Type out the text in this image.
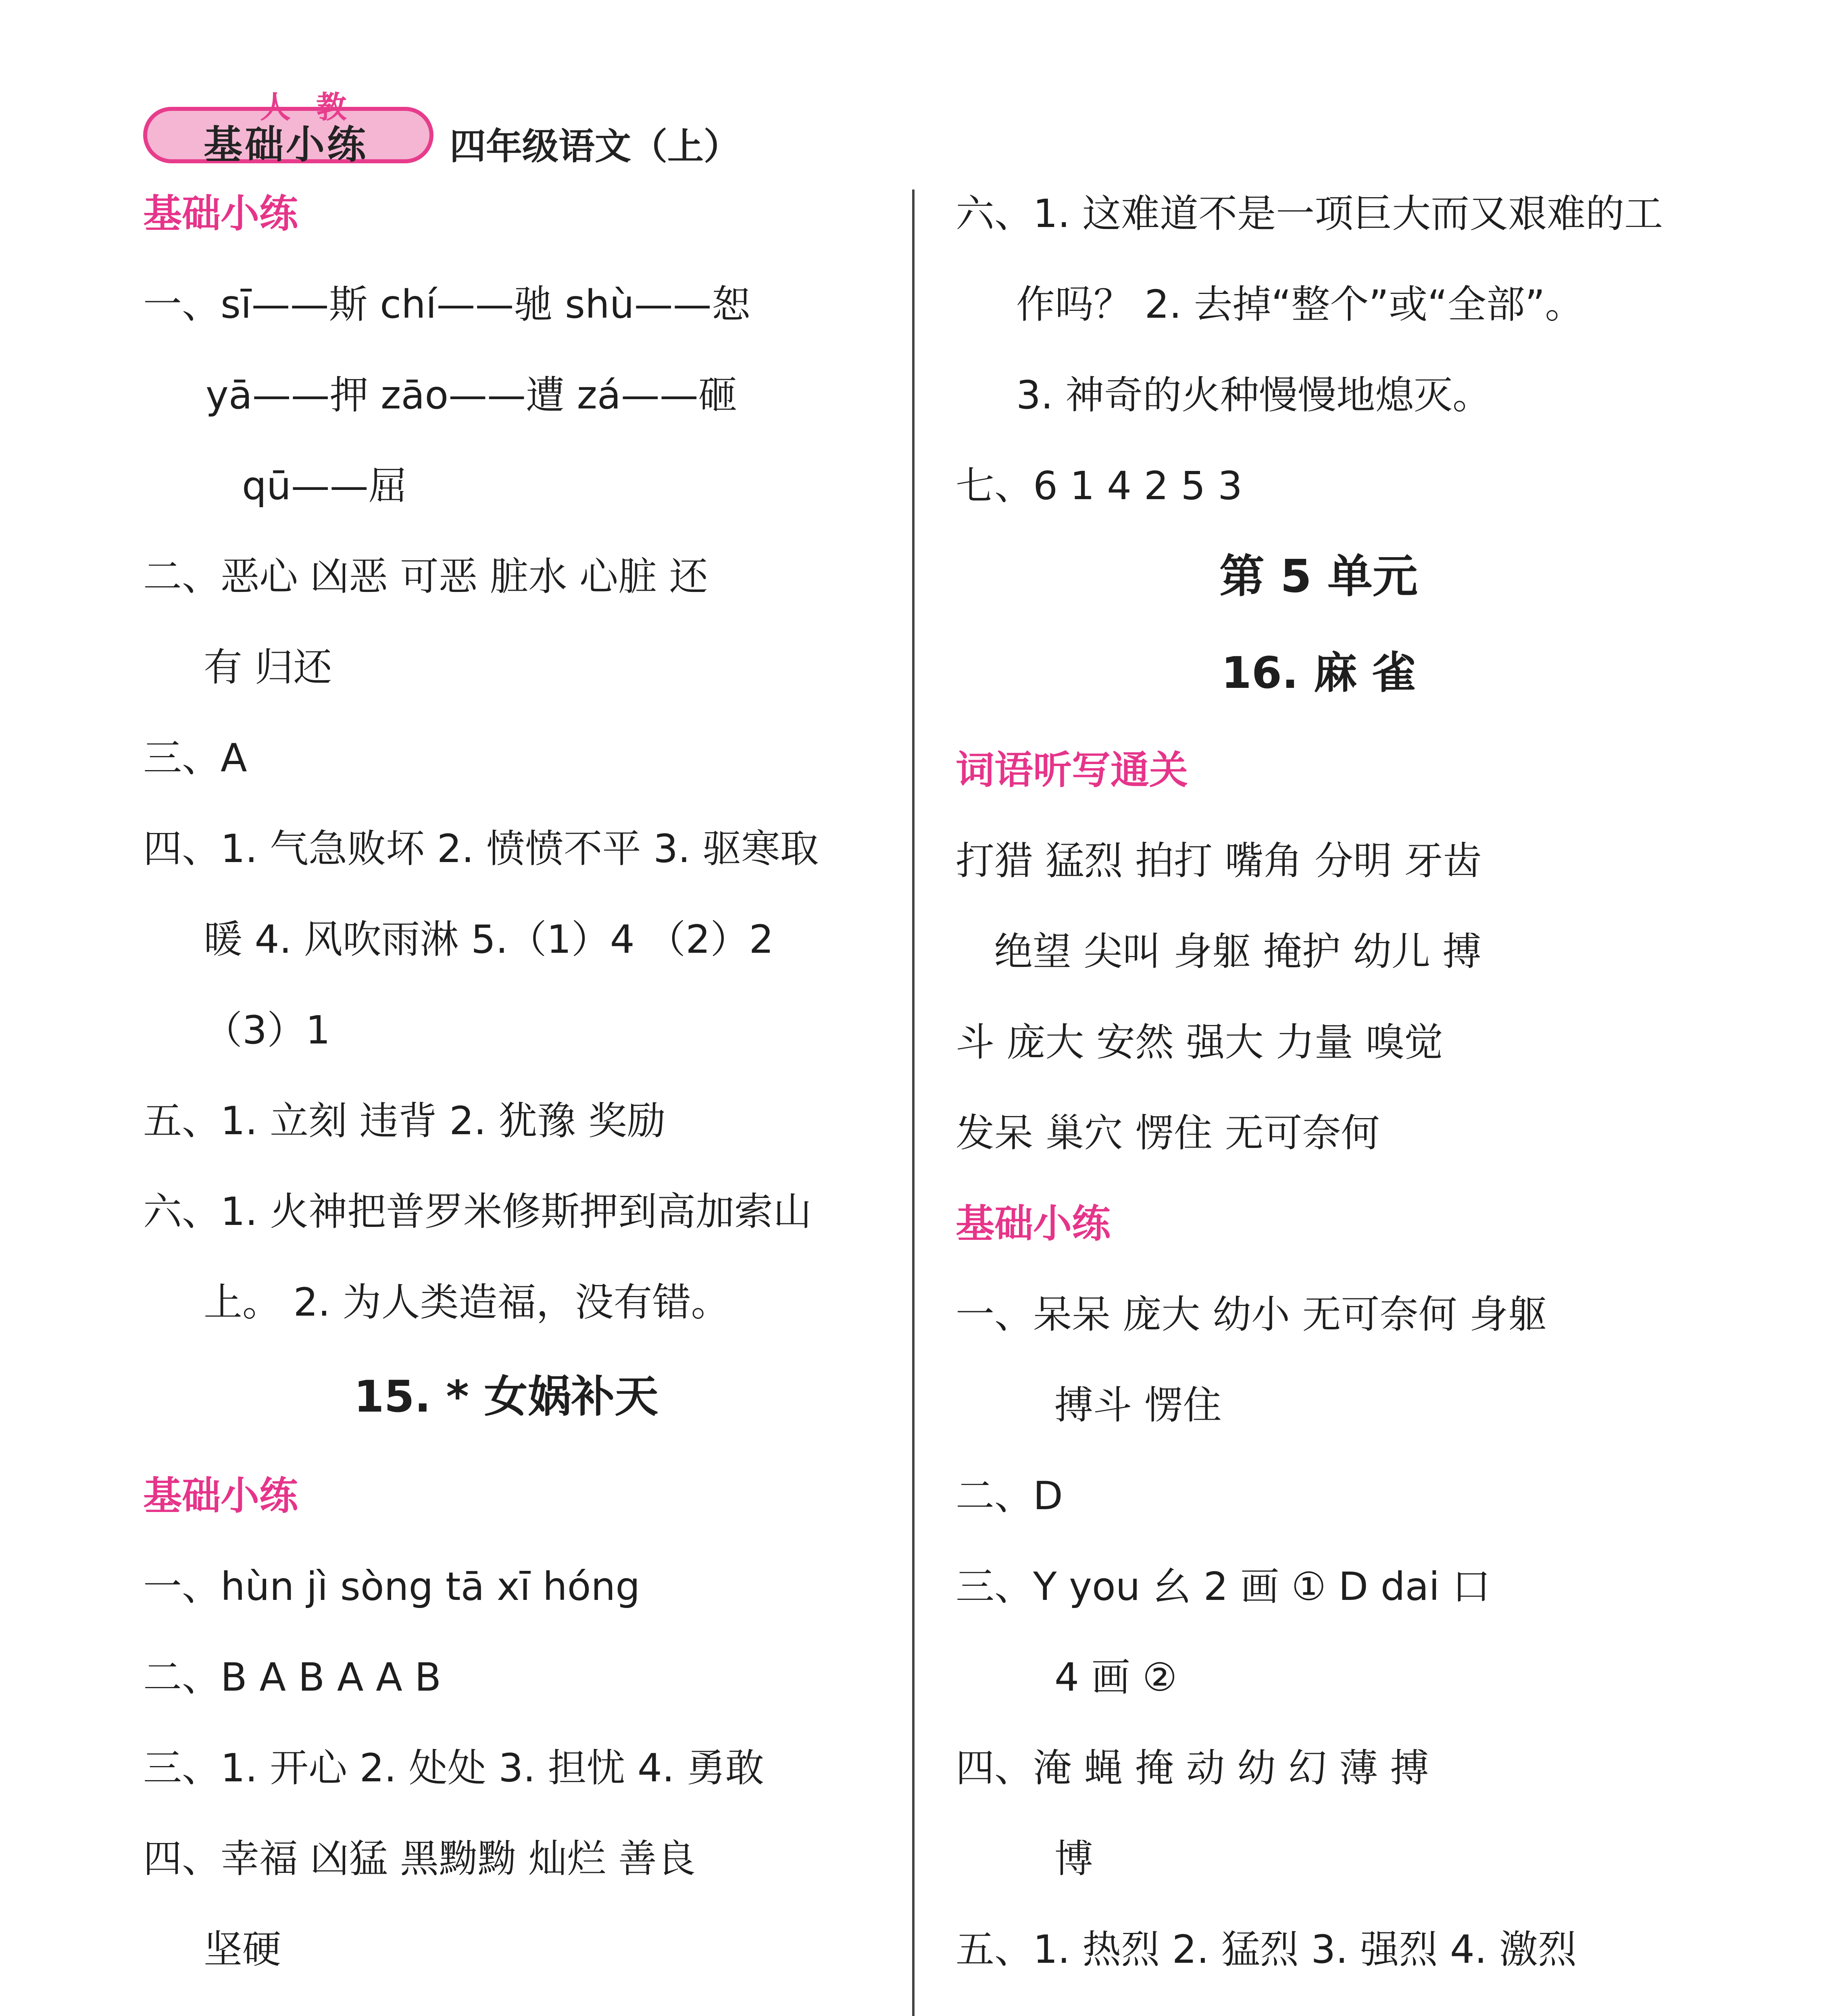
人 教
基础小练 四年级语文（上）
基础小练
一、sī——斯 chí——驰 shù——恕
yā——押 zāo——遭 zá——砸
qū——屈
二、恶心 凶恶 可恶 脏水 心脏 还
有 归还
三、A
四、1. 气急败坏 2. 愤愤不平 3. 驱寒取
暖 4. 风吹雨淋 5.（1）4 （2）2
（3）1
五、1. 立刻 违背 2. 犹豫 奖励
六、1. 火神把普罗米修斯押到高加索山
上。 2. 为人类造福，没有错。
15. * 女娲补天
基础小练
一、hùn jì sòng tā xī hóng
二、B A B A A B
三、1. 开心 2. 处处 3. 担忧 4. 勇敢
四、幸福 凶猛 黑黝黝 灿烂 善良
坚硬
六、1. 这难道不是一项巨大而又艰难的工
作吗？ 2. 去掉“整个”或“全部”。
3. 神奇的火种慢慢地熄灭。
七、6 1 4 2 5 3
第 5 单元
16. 麻 雀
词语听写通关
打猎 猛烈 拍打 嘴角 分明 牙齿
绝望 尖叫 身躯 掩护 幼儿 搏
斗 庞大 安然 强大 力量 嗅觉
发呆 巢穴 愣住 无可奈何
基础小练
一、呆呆 庞大 幼小 无可奈何 身躯
搏斗 愣住
二、D
三、Y you 幺 2 画 ① D dai 口
4 画 ②
四、淹 蝇 掩 动 幼 幻 薄 搏
博
五、1. 热烈 2. 猛烈 3. 强烈 4. 激烈
